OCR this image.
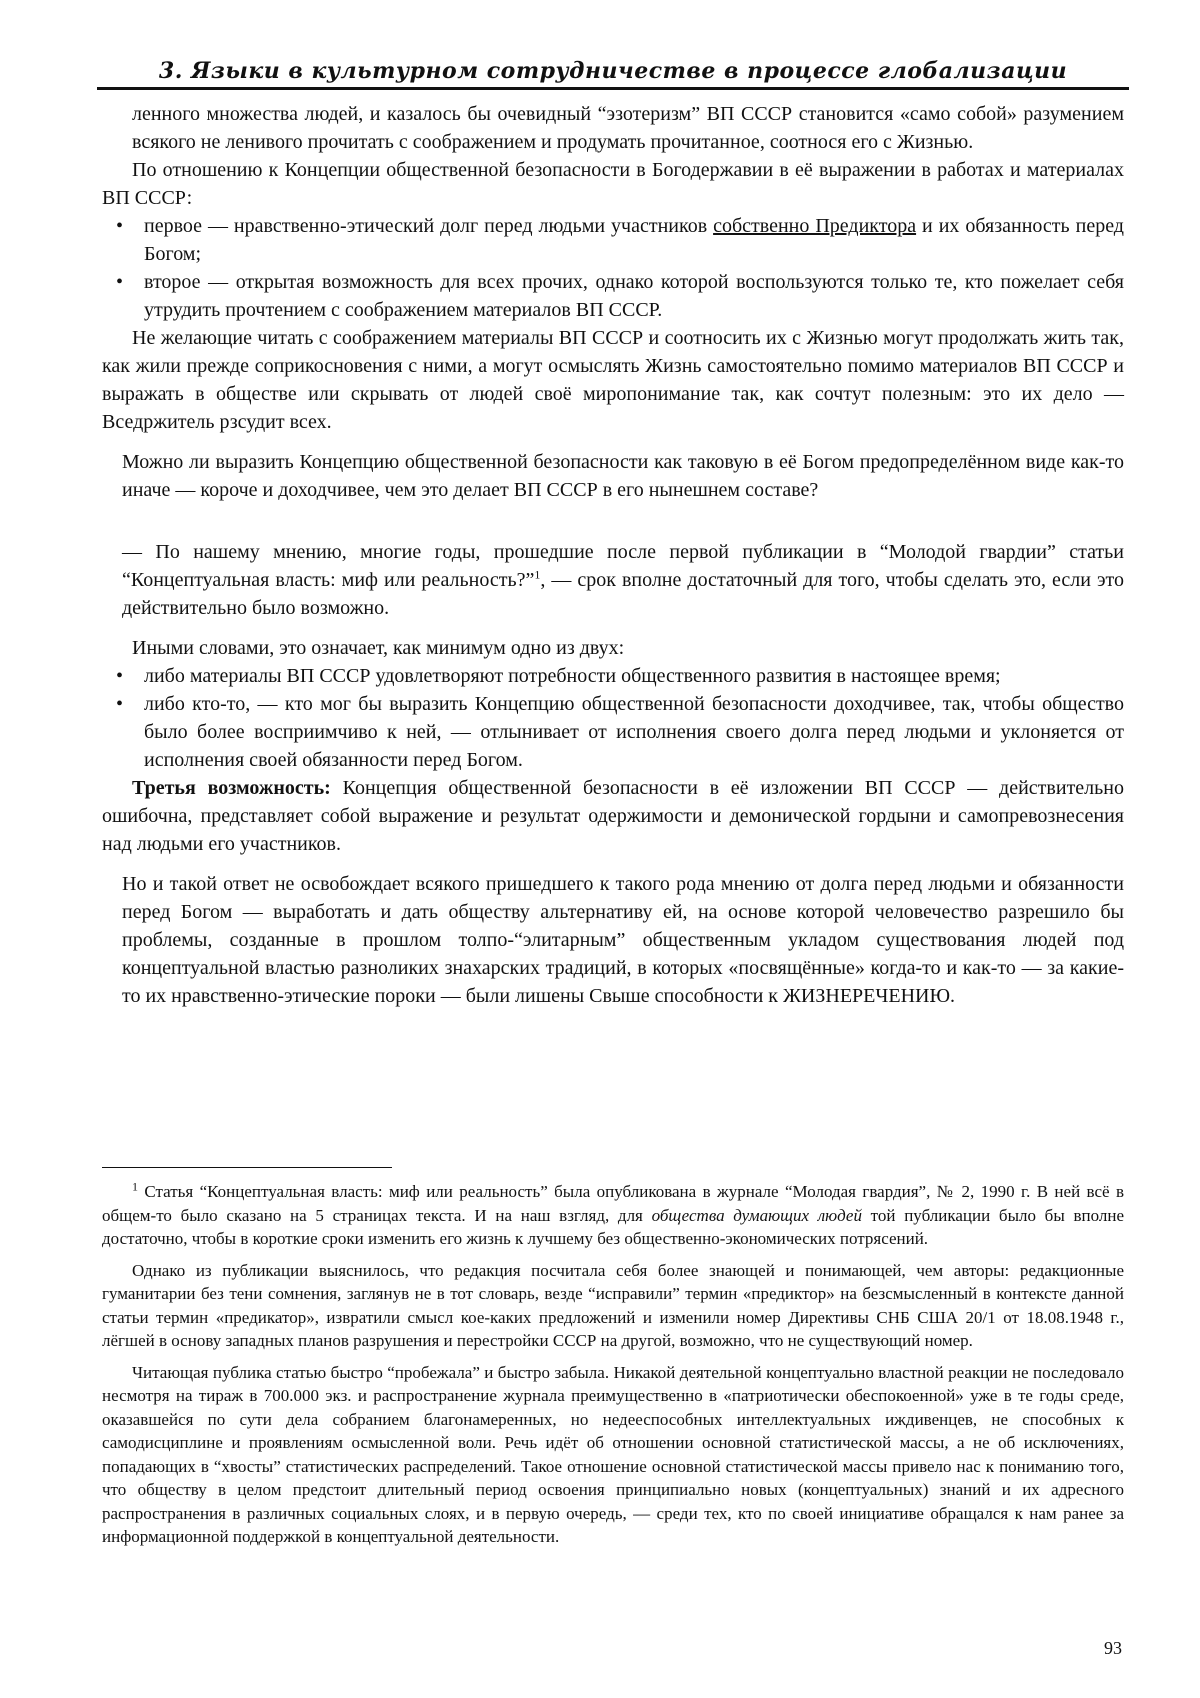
3. Языки в культурном сотрудничестве в процессе глобализации

ленного множества людей, и казалось бы очевидный “эзотеризм” ВП СССР становится «само собой» разумением всякого не ленивого прочитать с соображением и продумать прочитанное, соотнося его с Жизнью.

По отношению к Концепции общественной безопасности в Богодержавии в её выражении в работах и материалах ВП СССР:

• первое — нравственно-этический долг перед людьми участников собственно Предиктора и их обязанность перед Богом;
• второе — открытая возможность для всех прочих, однако которой воспользуются только те, кто пожелает себя утрудить прочтением с соображением материалов ВП СССР.

Не желающие читать с соображением материалы ВП СССР и соотносить их с Жизнью могут продолжать жить так, как жили прежде соприкосновения с ними, а могут осмыслять Жизнь самостоятельно помимо материалов ВП СССР и выражать в обществе или скрывать от людей своё миропонимание так, как сочтут полезным: это их дело — Вседржитель рзсудит всех.

Можно ли выразить Концепцию общественной безопасности как таковую в её Богом предопределённом виде как-то иначе — короче и доходчивее, чем это делает ВП СССР в его нынешнем составе?

— По нашему мнению, многие годы, прошедшие после первой публикации в “Молодой гвардии” статьи “Концептуальная власть: миф или реальность?”$^1$, — срок вполне достаточный для того, чтобы сделать это, если это действительно было возможно.

Иными словами, это означает, как минимум одно из двух:

• либо материалы ВП СССР удовлетворяют потребности общественного развития в настоящее время;
• либо кто-то, — кто мог бы выразить Концепцию общественной безопасности доходчивее, так, чтобы общество было более восприимчиво к ней, — отлынивает от исполнения своего долга перед людьми и уклоняется от исполнения своей обязанности перед Богом.

Третья возможность: Концепция общественной безопасности в её изложении ВП СССР — действительно ошибочна, представляет собой выражение и результат одержимости и демонической гордыни и самопревознесения над людьми его участников.

Но и такой ответ не освобождает всякого пришедшего к такого рода мнению от долга перед людьми и обязанности перед Богом — выработать и дать обществу альтернативу ей, на основе которой человечество разрешило бы проблемы, созданные в прошлом толпо-“элитарным” общественным укладом существования людей под концептуальной властью разноликих знахарских традиций, в которых «посвящённые» когда-то и как-то — за какие-то их нравственно-этические пороки — были лишены Свыше способности к ЖИЗНЕРЕЧЕНИЮ.

$^1$ Статья “Концептуальная власть: миф или реальность” была опубликована в журнале “Молодая гвардия”, № 2, 1990 г. В ней всё в общем-то было сказано на 5 страницах текста. И на наш взгляд, для общества думающих людей той публикации было бы вполне достаточно, чтобы в короткие сроки изменить его жизнь к лучшему без общественно-экономических потрясений.

Однако из публикации выяснилось, что редакция посчитала себя более знающей и понимающей, чем авторы: редакционные гуманитарии без тени сомнения, заглянув не в тот словарь, везде “исправили” термин «предиктор» на безсмысленный в контексте данной статьи термин «предикатор», извратили смысл кое-каких предложений и изменили номер Директивы СНБ США 20/1 от 18.08.1948 г., лёгшей в основу западных планов разрушения и перестройки СССР на другой, возможно, что не существующий номер.

Читающая публика статью быстро “пробежала” и быстро забыла. Никакой деятельной концептуально властной реакции не последовало несмотря на тираж в 700.000 экз. и распространение журнала преимущественно в «патриотически обеспокоенной» уже в те годы среде, оказавшейся по сути дела собранием благонамеренных, но недееспособных интеллектуальных иждивенцев, не способных к самодисциплине и проявлениям осмысленной воли. Речь идёт об отношении основной статистической массы, а не об исключениях, попадающих в “хвосты” статистических распределений. Такое отношение основной статистической массы привело нас к пониманию того, что обществу в целом предстоит длительный период освоения принципиально новых (концептуальных) знаний и их адресного распространения в различных социальных слоях, и в первую очередь, — среди тех, кто по своей инициативе обращался к нам ранее за информационной поддержкой в концептуальной деятельности.

93
